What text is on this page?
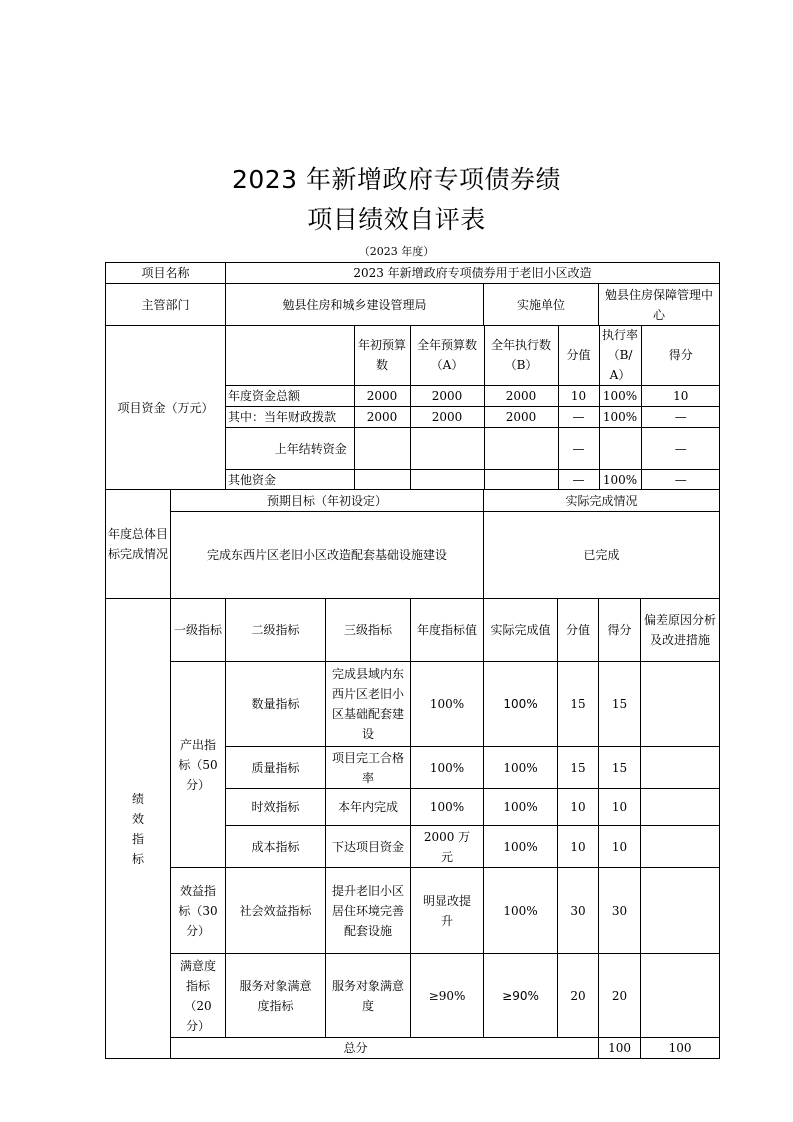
2023 年新增政府专项债券绩
项目绩效自评表
（2023 年度）
项目名称	2023 年新增政府专项债券用于老旧小区改造
主管部门	勉县住房和城乡建设管理局	实施单位	勉县住房保障管理中心
项目资金（万元）	
	年初预算数	全年预算数（A）	全年执行数（B）	分值	执行率（B/A）	得分
年度资金总额	2000	2000	2000	10	100%	10
其中：当年财政拨款	2000	2000	2000	—	100%	—
上年结转资金				—		—
其他资金				—	100%	—

年度总体目标完成情况	预期目标（年初设定）	实际完成情况
完成东西片区老旧小区改造配套基础设施建设	已完成
绩效指标	一级指标	二级指标	三级指标	年度指标值	实际完成值	分值	得分	偏差原因分析及改进措施
产出指标（50分）	数量指标	完成县域内东西片区老旧小区基础配套建设	100%	100%	15	15	
质量指标	项目完工合格率	100%	100%	15	15	
时效指标	本年内完成	100%	100%	10	10	
成本指标	下达项目资金	2000 万元	100%	10	10	
效益指标（30分）	社会效益指标	提升老旧小区居住环境完善配套设施	明显改提升	100%	30	30	
满意度指标（20分）	服务对象满意度指标	服务对象满意度	≥90%	≥90%	20	20	
总分	100	100	
